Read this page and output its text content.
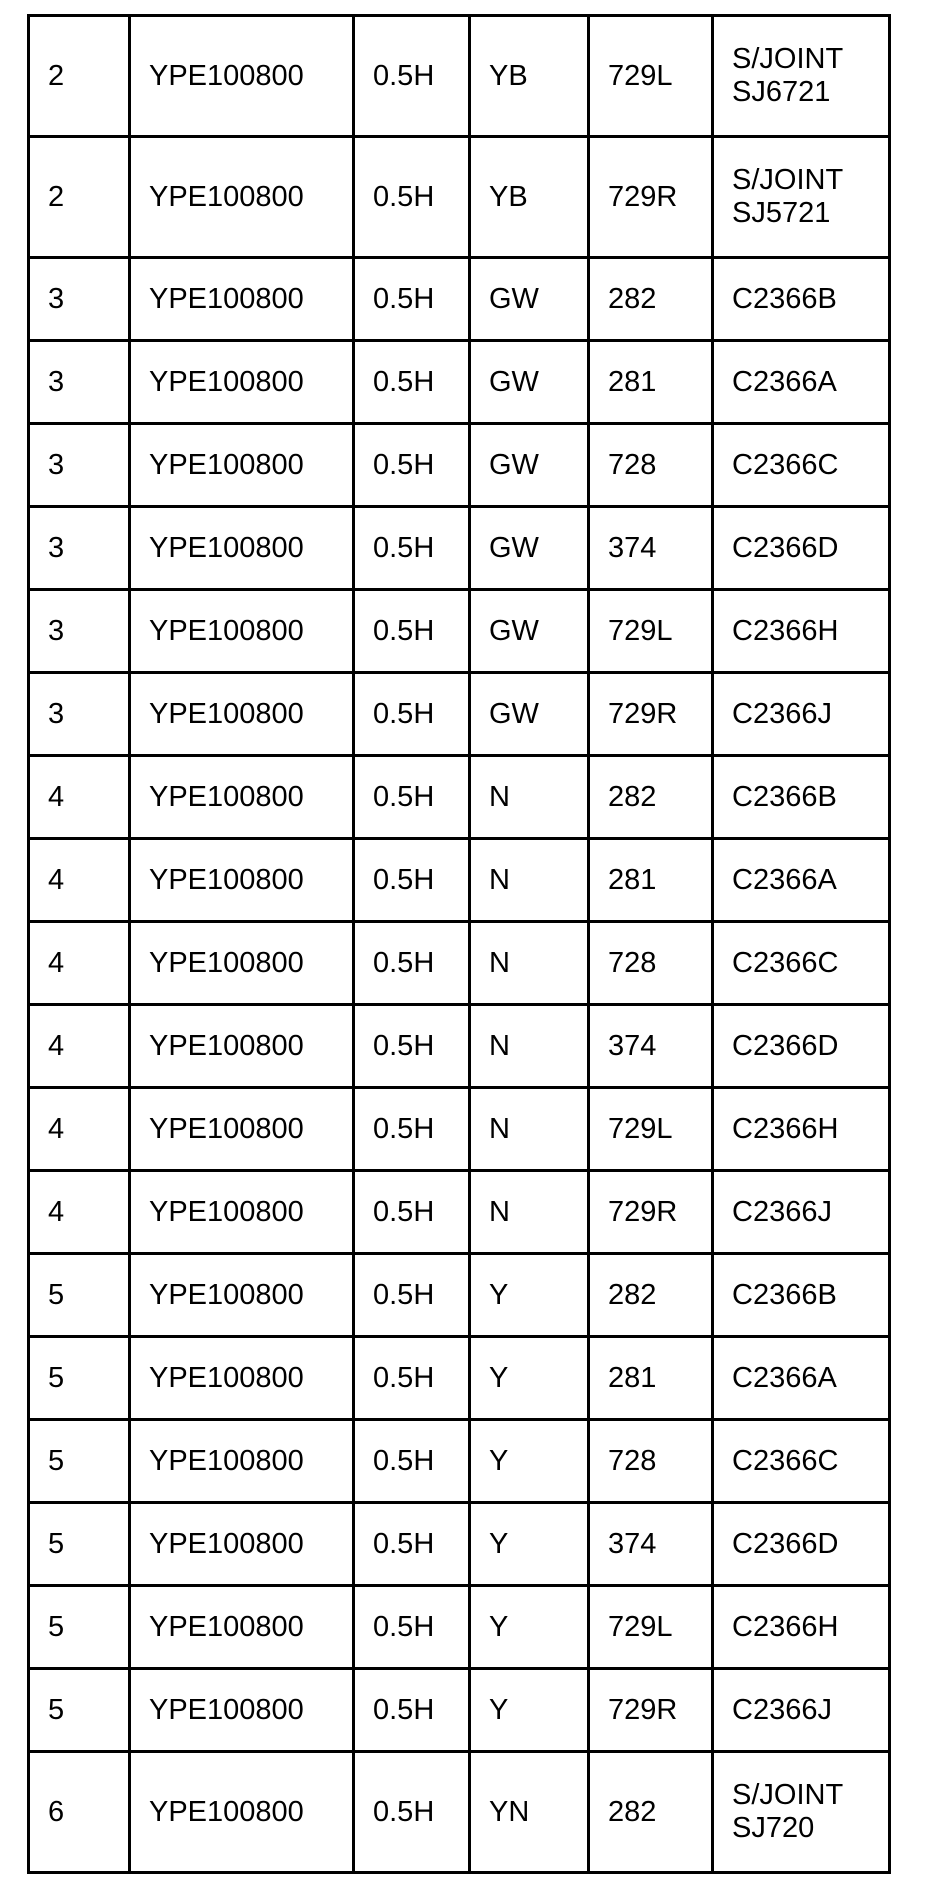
2	YPE100800	0.5H	YB	729L	S/JOINT
SJ6721
2	YPE100800	0.5H	YB	729R	S/JOINT
SJ5721
3	YPE100800	0.5H	GW	282	C2366B
3	YPE100800	0.5H	GW	281	C2366A
3	YPE100800	0.5H	GW	728	C2366C
3	YPE100800	0.5H	GW	374	C2366D
3	YPE100800	0.5H	GW	729L	C2366H
3	YPE100800	0.5H	GW	729R	C2366J
4	YPE100800	0.5H	N	282	C2366B
4	YPE100800	0.5H	N	281	C2366A
4	YPE100800	0.5H	N	728	C2366C
4	YPE100800	0.5H	N	374	C2366D
4	YPE100800	0.5H	N	729L	C2366H
4	YPE100800	0.5H	N	729R	C2366J
5	YPE100800	0.5H	Y	282	C2366B
5	YPE100800	0.5H	Y	281	C2366A
5	YPE100800	0.5H	Y	728	C2366C
5	YPE100800	0.5H	Y	374	C2366D
5	YPE100800	0.5H	Y	729L	C2366H
5	YPE100800	0.5H	Y	729R	C2366J
6	YPE100800	0.5H	YN	282	S/JOINT
SJ720
